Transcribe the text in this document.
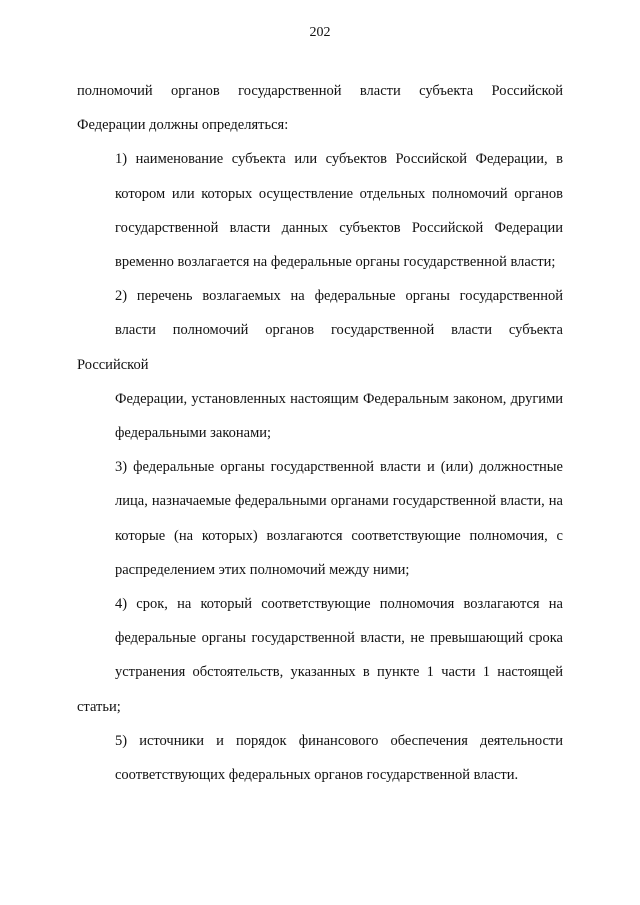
202

полномочий органов государственной власти субъекта Российской
Федерации должны определяться:

1) наименование субъекта или субъектов Российской Федерации, в
котором или которых осуществление отдельных полномочий органов
государственной власти данных субъектов Российской Федерации
временно возлагается на федеральные органы государственной власти;

2) перечень возлагаемых на федеральные органы государственной
власти полномочий органов государственной власти субъекта Российской
Федерации, установленных настоящим Федеральным законом, другими
федеральными законами;

3) федеральные органы государственной власти и (или) должностные
лица, назначаемые федеральными органами государственной власти, на
которые (на которых) возлагаются соответствующие полномочия, с
распределением этих полномочий между ними;

4) срок, на который соответствующие полномочия возлагаются на
федеральные органы государственной власти, не превышающий срока
устранения обстоятельств, указанных в пункте 1 части 1 настоящей статьи;

5) источники и порядок финансового обеспечения деятельности
соответствующих федеральных органов государственной власти.
